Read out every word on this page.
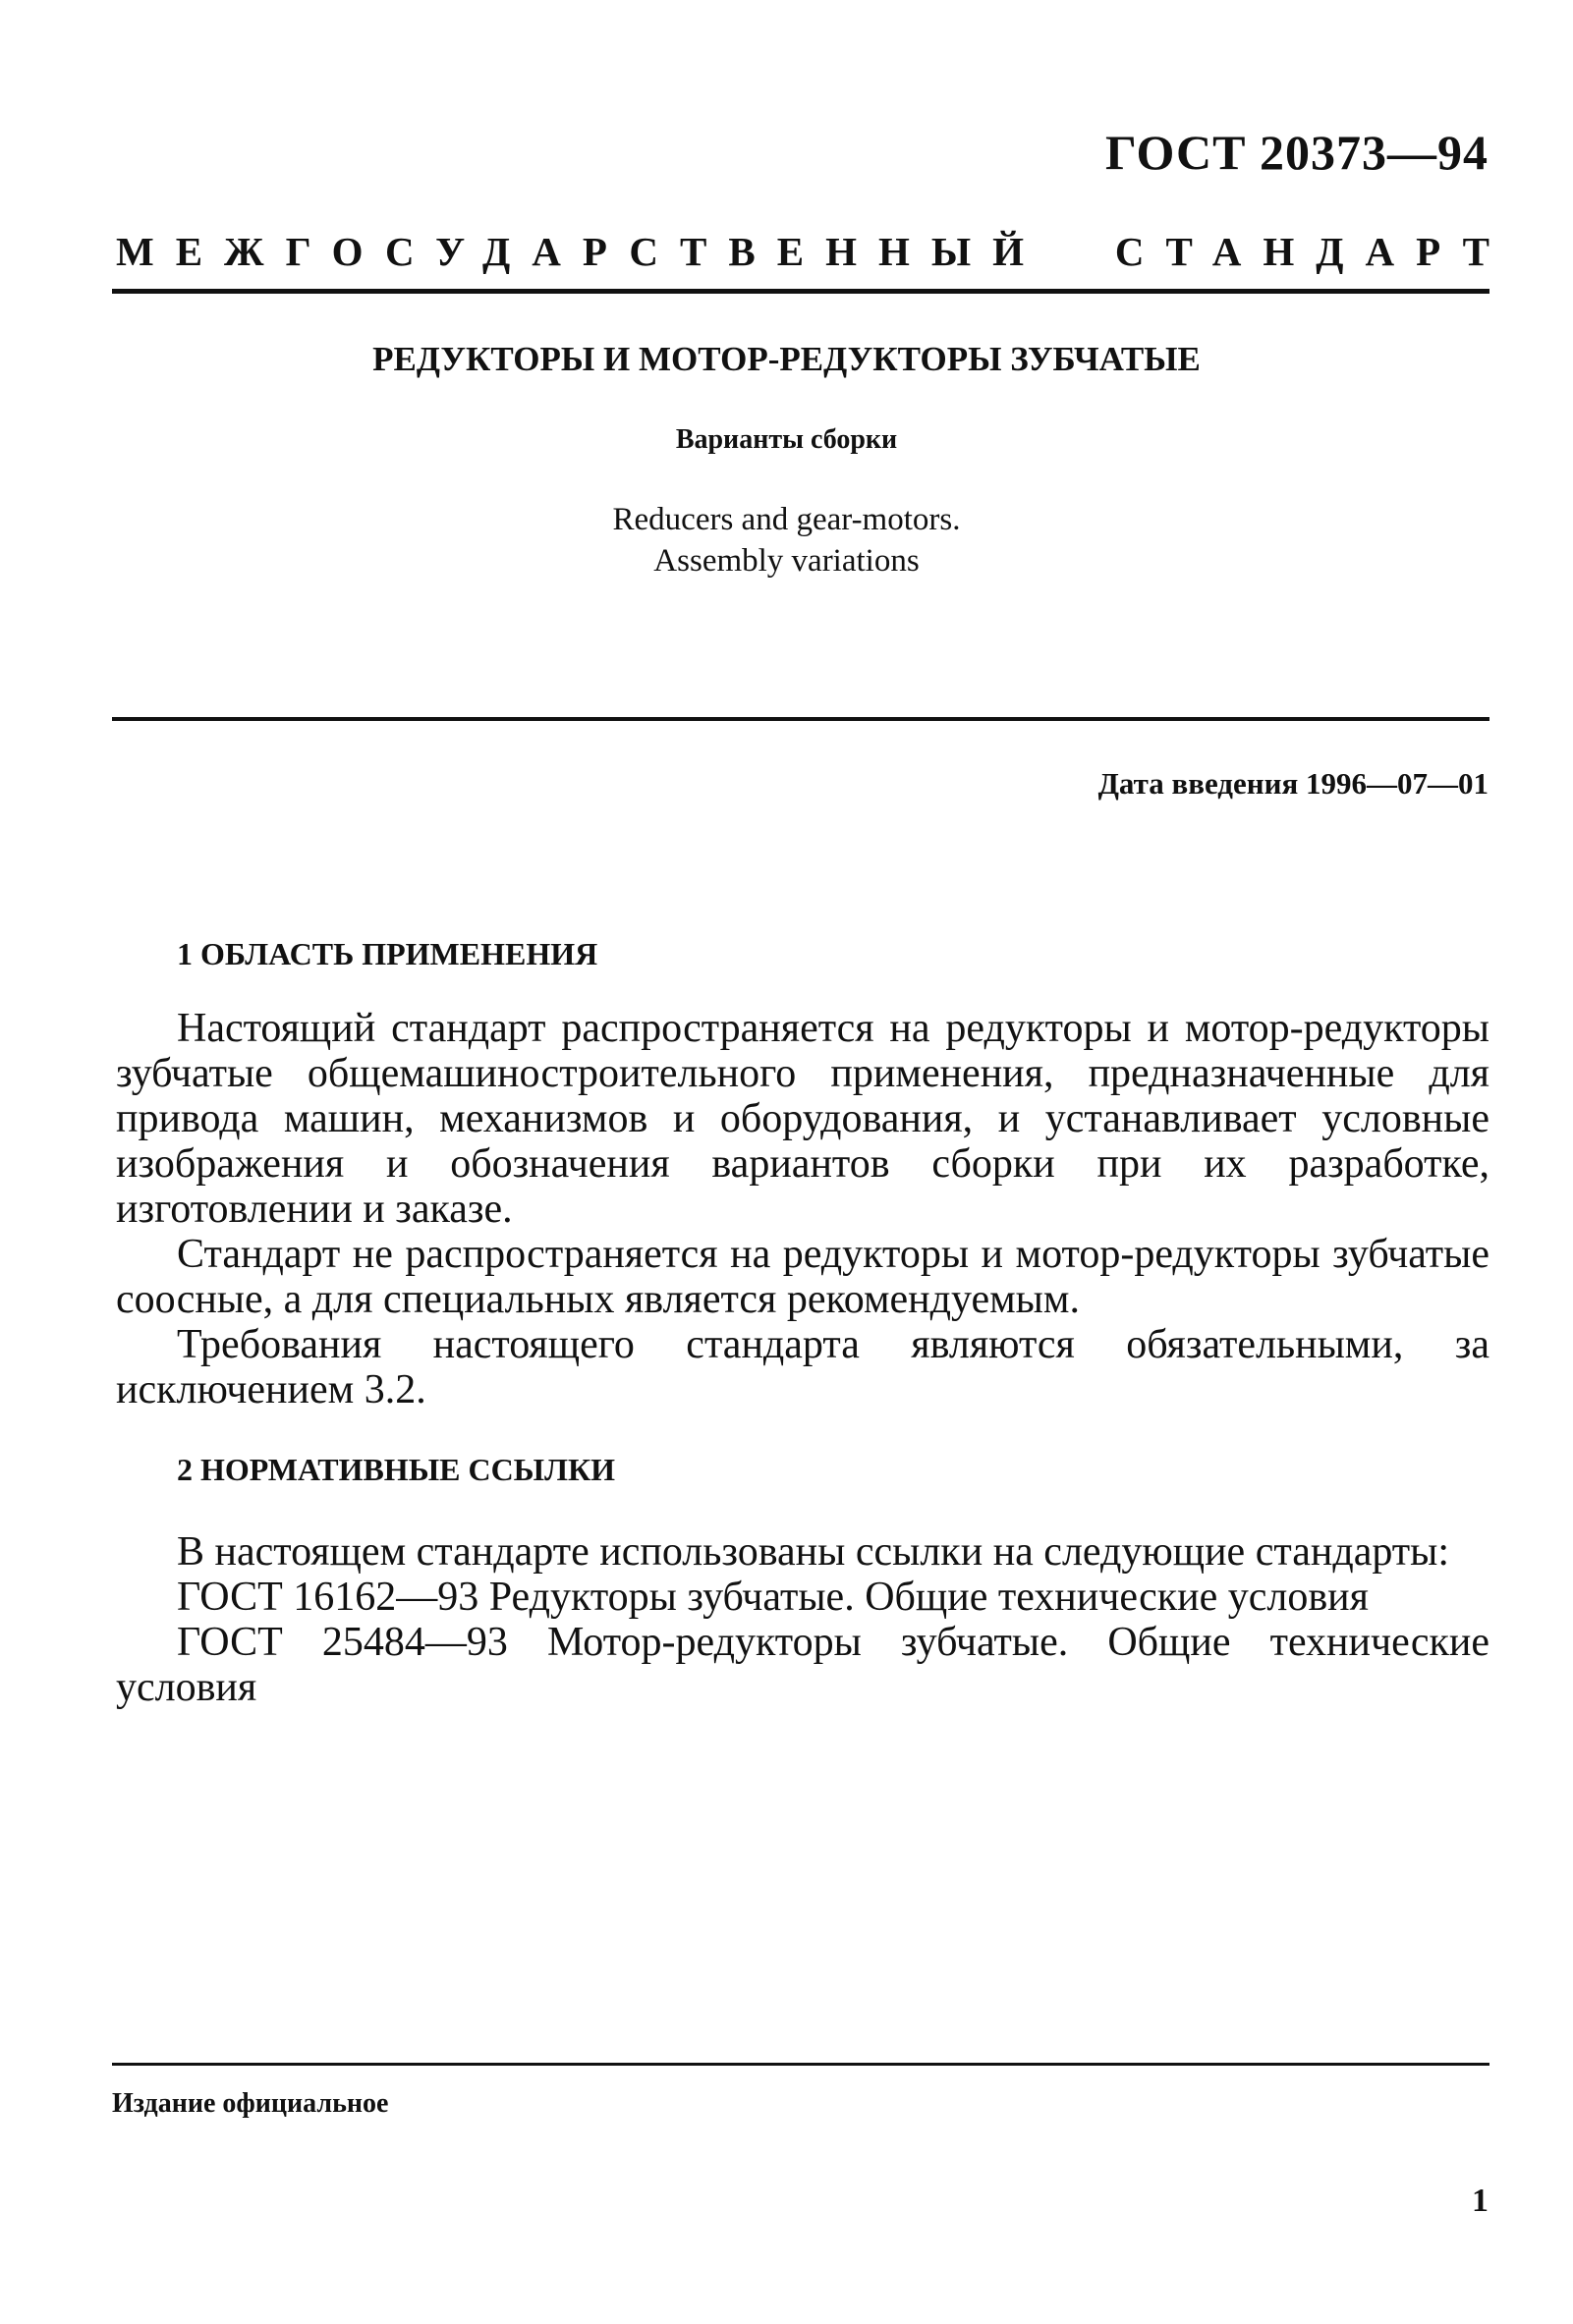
ГОСТ 20373—94
МЕЖГОСУДАРСТВЕННЫЙ СТАНДАРТ
РЕДУКТОРЫ И МОТОР-РЕДУКТОРЫ ЗУБЧАТЫЕ
Варианты сборки
Reducers and gear-motors.
Assembly variations
Дата введения 1996—07—01
1 ОБЛАСТЬ ПРИМЕНЕНИЯ

Настоящий стандарт распространяется на редукторы и мотор-редукторы зубчатые общемашиностроительного применения, предназначенные для привода машин, механизмов и оборудования, и устанавливает условные изображения и обозначения вариантов сборки при их разработке, изготовлении и заказе.

Стандарт не распространяется на редукторы и мотор-редукторы зубчатые соосные, а для специальных является рекомендуемым.

Требования настоящего стандарта являются обязательными, за исключением 3.2.

2 НОРМАТИВНЫЕ ССЫЛКИ

В настоящем стандарте использованы ссылки на следующие стандарты:

ГОСТ 16162—93 Редукторы зубчатые. Общие технические условия

ГОСТ 25484—93 Мотор-редукторы зубчатые. Общие технические условия

Издание официальное
1
